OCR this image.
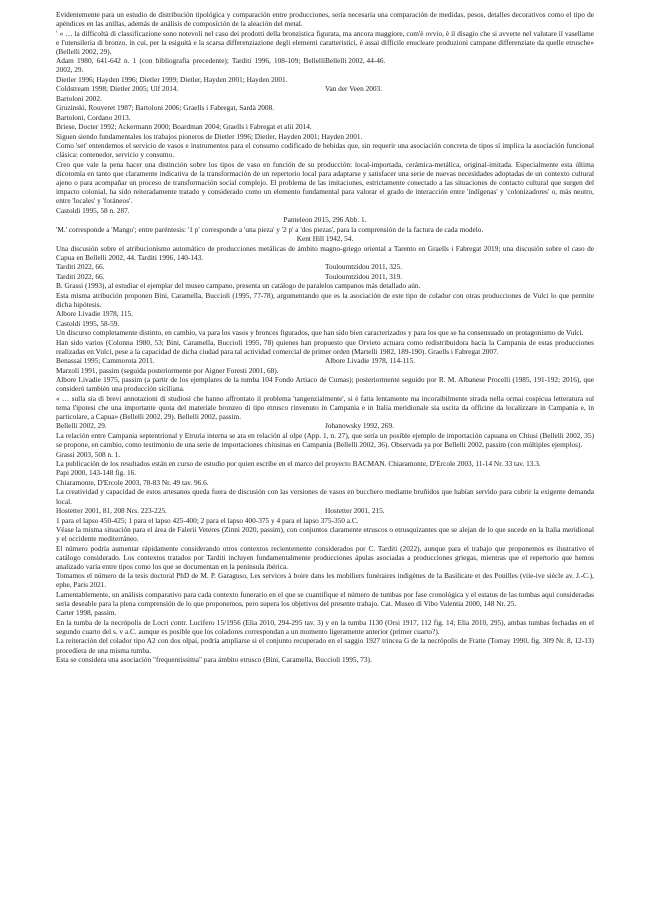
Evidentemente para un estudio de distribución tipológica y comparación entre producciones, sería necesaria una comparación de medidas, pesos, detalles decorativos como el tipo de apéndices en las anillas, además de análisis de composición de la aleación del metal.

$^{^1}$ « … la difficoltà di classificazione sono notevoli nel caso dei prodotti della bronzistica figurata, ma ancora maggiore, com'è ovvio, è il disagio che si avverte nel valutare il vasellame e l'utensileria di bronzo, in cui, per la esiguità e la scarsa differenziazione degli elementi caratteristici, è assai difficile enucleare produzioni campane differenziate da quelle etrusche» (Bellelli 2002, 29).

Adam 1980, 641-642 n. 1 (con bibliografía precedente); Tarditi 1996, 108-109; Bellelli 2002, 29.
Bellelli 2002, 44-46.

Dietler 1996; Hayden 1996; Dietler 1999; Dietler, Hayden 2001; Hayden 2001.

Coldstream 1998; Dietler 2005; Ulf 2014.	Van der Veen 2003.

Bartoloni 2002.

Gruzinski, Rouveret 1987; Bartoloni 2006; Graells i Fabregat, Sardà 2008.

Bartoloni, Cordano 2013.

Briese, Docter 1992; Ackermann 2000; Boardman 2004; Graells i Fabregat et alii 2014.

Siguen siendo fundamentales los trabajos pioneros de Dietler 1996; Dietler, Hayden 2001; Hayden 2001.

Como 'set' entendemos el servicio de vasos e instrumentos para el consumo codificado de bebidas que, sin requerir una asociación concreta de tipos sí implica la asociación funcional clásica: contenedor, servicio y consumo.

Creo que vale la pena hacer una distinción sobre los tipos de vaso en función de su producción: local-importada, cerámica-metálica, original-imitada. Especialmente esta última dicotomía en tanto que claramente indicativa de la transformación de un repertorio local para adaptarse y satisfacer una serie de nuevas necesidades adoptadas de un contexto cultural ajeno o para acompañar un proceso de transformación social complejo. El problema de las imitaciones, estrictamente conectado a las situaciones de contacto cultural que surgen del impacto colonial, ha sido reiteradamente tratado y considerado como un elemento fundamental para valorar el grado de interacción entre 'indígenas' y 'colonizadores' o, más neutro, entre 'locales' y 'foráneos'.

Castoldi 1995, 58 n. 287.

Panteleon 2015, 296 Abb. 1.

'M.' corresponde a 'Mango'; entre paréntesis: '1 p' corresponde a 'una pieza' y '2 p' a 'dos piezas', para la comprensión de la factura de cada modelo.

Kent Hill 1942, 54.

Una discusión sobre el atribucionismo automático de producciones metálicas de ámbito magno-griego oriental a Tarento en Graells i Fabregat 2019; una discusión sobre el caso de Capua en Bellelli 2002, 44. Tarditi 1996, 140-143.

Tarditi 2022, 66.	Touloumtzidou 2011, 325.
Tarditi 2022, 66.	Touloumtzidou 2011, 319.

B. Grassi (1993), al estudiar el ejemplar del museo campano, presenta un catálogo de paralelos campanos más detallado aún.

Esta misma atribución proponen Bini, Caramella, Buccioli (1995, 77-78), argumentando que es la asociación de este tipo de colador con otras producciones de Vulci lo que permite dicha hipótesis.

Albore Livadie 1978, 115.

Castoldi 1995, 58-59.

Un discurso completamente distinto, en cambio, va para los vasos y bronces figurados, que han sido bien caracterizados y para los que se ha consensuado un protagonismo de Vulci.

Han sido varios (Colonna 1980, 53; Bini, Caramella, Buccioli 1995, 78) quienes han propuesto que Orvieto actuara como redistribuidora hacia la Campania de estas producciones realizadas en Vulci, pese a la capacidad de dicha ciudad para tal actividad comercial de primer orden (Martelli 1982, 189-190). Graells i Fabregat 2007.

Benassai 1995; Cammorota 2011.	Albore Livadie 1978, 114-115.

Marzoli 1991, passim (seguida posteriormente por Aigner Foresti 2001, 68).

Albore Livadie 1975, passim (a partir de los ejemplares de la tumba 104 Fondo Artiaco de Cumas); posteriormente seguido por R. M. Albanese Procelli (1985, 191-192; 2016), que consideró también una producción siciliana.

« … sulla sia di brevi annotazioni di studiosi che hanno affrontato il problema 'tangenzialmente', si è fatta lentamente ma incoraibilmente strada nella ormai cospicua letteratura sul tema l'ipotesi che una importante quota del materiale bronzeo di tipo etrusco rinvenuto in Campania e in Italia meridionale sia uscita da officine da localizzare in Campania e, in particolare, a Capua» (Bellelli 2002, 29). Bellelli 2002, passim.

Bellelli 2002, 29.	Johanowsky 1992, 269.

La relación entre Campania septentrional y Etruria interna se ata en relación al olpe (App. 1, n. 27), que sería un posible ejemplo de importación capuana en Chiusi (Bellelli 2002, 35) se propone, en cambio, como testimonio de una serie de importaciones chiusinas en Campania (Bellelli 2002, 36). Observada ya por Bellelli 2002, passim (con múltiples ejemplos).

Grassi 2003, 508 n. 1.

La publicación de los resultados están en curso de estudio por quien escribe en el marco del proyecto BACMAN. Chiaramonte, D'Ercole 2003, 11-14 Nr. 33 tav. 13.3.

Papi 2000, 143-148 fig. 16.

Chiaramonte, D'Ercole 2003, 78-83 Nr. 49 tav. 96.6.

La creatividad y capacidad de estos artesanos queda fuera de discusión con las versiones de vasos en bucchero mediante bruñidos que habían servido para cubrir la exigente demanda local.

Hostetter 2001, 81, 208 Nrs. 223-225.	Hostetter 2001, 215.

1 para el lapso 450-425; 1 para el lapso 425-400; 2 para el lapso 400-375 y 4 para el lapso 375-350 a.C.

Véase la misma situación para el área de Falerii Veteres (Zinni 2020, passim), con conjuntos claramente etruscos o etrusquizantes que se alejan de lo que sucede en la Italia meridional y el occidente mediterráneo.

El número podría aumentar rápidamente considerando otros contextos recientemente considerados por C. Tarditi (2022), aunque para el trabajo que proponemos es ilustrativo el catálogo considerado. Los contextos tratados por Tarditi incluyen fundamentalmente producciones ápulas asociadas a producciones griegas, mientras que el repertorio que hemos analizado varía entre tipos como los que se documentan en la península ibérica.

Tomamos el número de la tesis doctoral PhD de M. P. Garaguso, Les services à boire dans les mobiliers funéraires indigènes de la Basilicate et des Pouilles (viie-ive siècle av. J.-C.), ephe, Paris 2021.

Lamentablemente, un análisis comparativo para cada contexto funerario en el que se cuantifique el número de tumbas por fase cronológica y el estatus de las tumbas aquí consideradas sería deseable para la plena comprensión de lo que proponemos, pero supera los objetivos del presente trabajo. Cat. Museo di Vibo Valentia 2000, 148 Nr. 25.

Carter 1998, passim.

En la tumba de la necrópolis de Locri contr. Lucifero 15/1956 (Elia 2010, 294-295 tav. 3) y en la tumba 1130 (Orsi 1917, 112 fig. 14; Elia 2010, 295), ambas tumbas fechadas en el segundo cuarto del s. v a.C. aunque es posible que los coladores correspondan a un momento ligeramente anterior (primer cuarto?).

La reiteración del colador tipo A2 con dos olpai, podría ampliarse si el conjunto recuperado en el saggio 1927 trincea G de la necrópolis de Fratte (Tomay 1990, fig. 309 Nr. 8, 12-13) procediera de una misma tumba.

Esta se considera una asociación "frequentissima" para ámbito etrusco (Bini, Caramella, Buccioli 1995, 73).
